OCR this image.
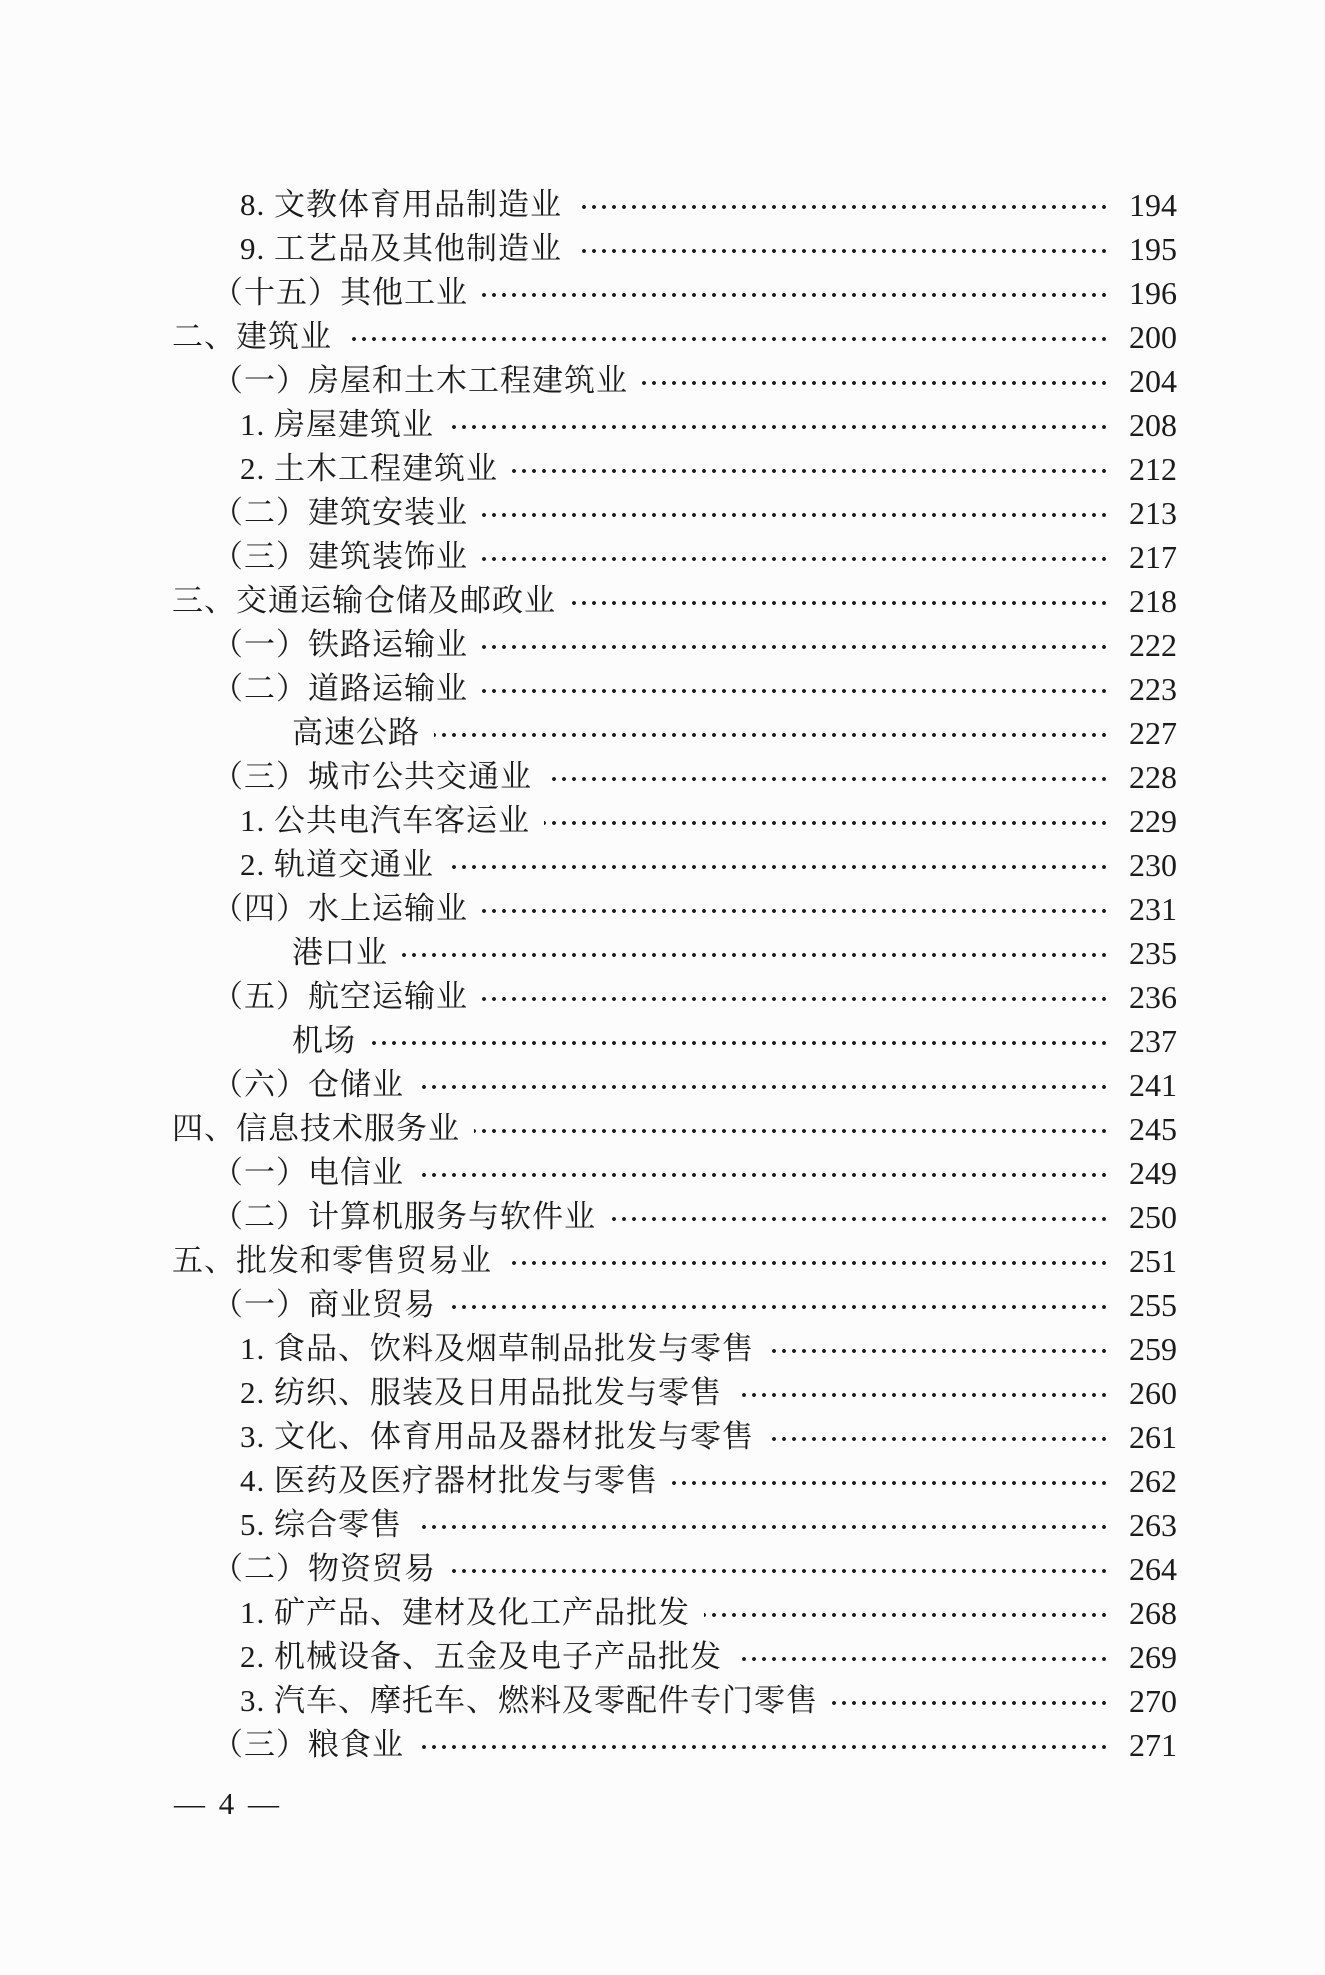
8. 文教体育用品制造业	194
9. 工艺品及其他制造业	195
（十五）其他工业	196
二、建筑业	200
（一）房屋和土木工程建筑业	204
1. 房屋建筑业	208
2. 土木工程建筑业	212
（二）建筑安装业	213
（三）建筑装饰业	217
三、交通运输仓储及邮政业	218
（一）铁路运输业	222
（二）道路运输业	223
高速公路	227
（三）城市公共交通业	228
1. 公共电汽车客运业	229
2. 轨道交通业	230
（四）水上运输业	231
港口业	235
（五）航空运输业	236
机场	237
（六）仓储业	241
四、信息技术服务业	245
（一）电信业	249
（二）计算机服务与软件业	250
五、批发和零售贸易业	251
（一）商业贸易	255
1. 食品、饮料及烟草制品批发与零售	259
2. 纺织、服装及日用品批发与零售	260
3. 文化、体育用品及器材批发与零售	261
4. 医药及医疗器材批发与零售	262
5. 综合零售	263
（二）物资贸易	264
1. 矿产品、建材及化工产品批发	268
2. 机械设备、五金及电子产品批发	269
3. 汽车、摩托车、燃料及零配件专门零售	270
（三）粮食业	271
— 4 —
